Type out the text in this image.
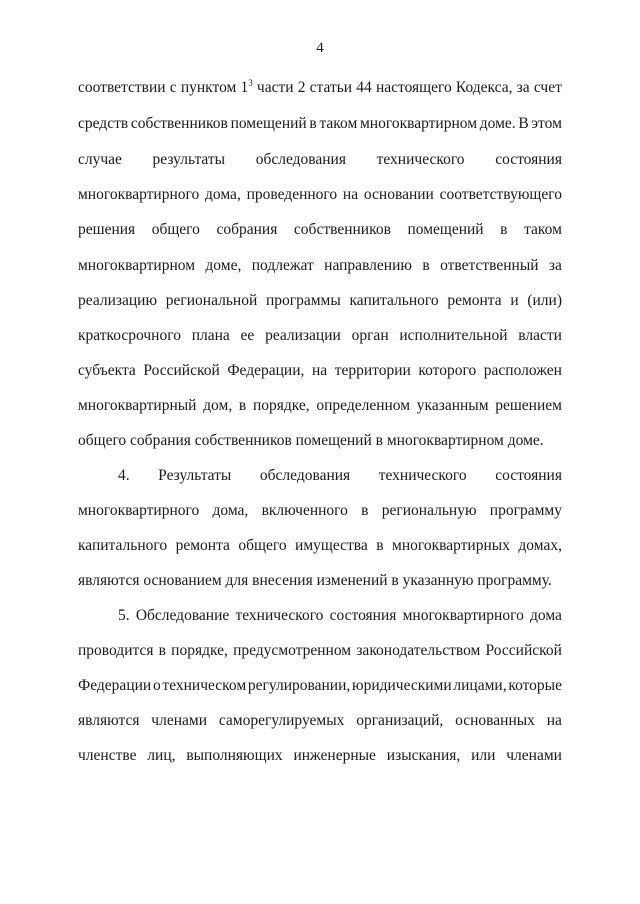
4
соответствии с пунктом $1^3$ части 2 статьи 44 настоящего Кодекса, за счет
средств собственников помещений в таком многоквартирном доме. В этом
случае результаты обследования технического состояния
многоквартирного дома, проведенного на основании соответствующего
решения общего собрания собственников помещений в таком
многоквартирном доме, подлежат направлению в ответственный за
реализацию региональной программы капитального ремонта и (или)
краткосрочного плана ее реализации орган исполнительной власти
субъекта Российской Федерации, на территории которого расположен
многоквартирный дом, в порядке, определенном указанным решением
общего собрания собственников помещений в многоквартирном доме.
4. Результаты обследования технического состояния
многоквартирного дома, включенного в региональную программу
капитального ремонта общего имущества в многоквартирных домах,
являются основанием для внесения изменений в указанную программу.
5. Обследование технического состояния многоквартирного дома
проводится в порядке, предусмотренном законодательством Российской
Федерации о техническом регулировании, юридическими лицами, которые
являются членами саморегулируемых организаций, основанных на
членстве лиц, выполняющих инженерные изыскания, или членами
